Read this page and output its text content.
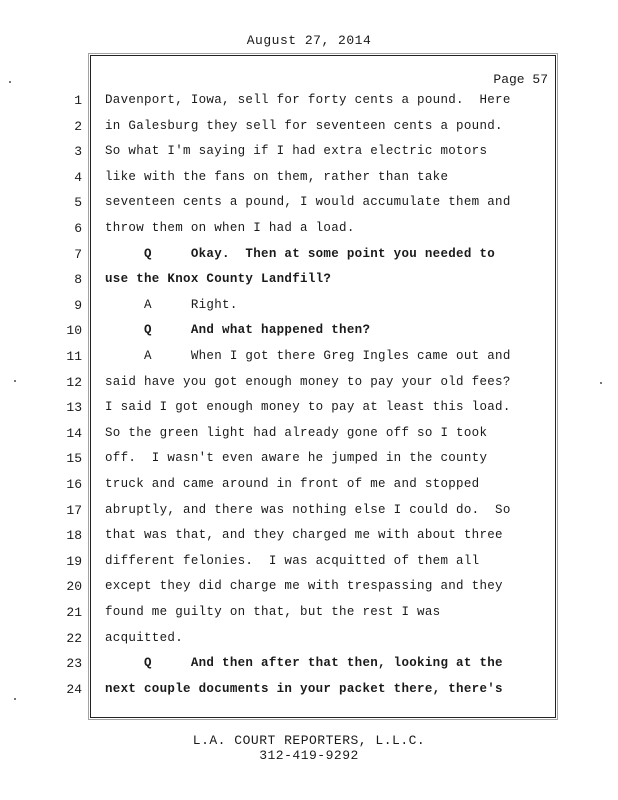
August 27, 2014
Page 57
1 Davenport, Iowa, sell for forty cents a pound.  Here
2 in Galesburg they sell for seventeen cents a pound.
3 So what I'm saying if I had extra electric motors
4 like with the fans on them, rather than take
5 seventeen cents a pound, I would accumulate them and
6 throw them on when I had a load.
7 Q     Okay.  Then at some point you needed to
8 use the Knox County Landfill?
9 A     Right.
10 Q     And what happened then?
11 A     When I got there Greg Ingles came out and
12 said have you got enough money to pay your old fees?
13 I said I got enough money to pay at least this load.
14 So the green light had already gone off so I took
15 off.  I wasn't even aware he jumped in the county
16 truck and came around in front of me and stopped
17 abruptly, and there was nothing else I could do.  So
18 that was that, and they charged me with about three
19 different felonies.  I was acquitted of them all
20 except they did charge me with trespassing and they
21 found me guilty on that, but the rest I was
22 acquitted.
23 Q     And then after that then, looking at the
24 next couple documents in your packet there, there's
L.A. COURT REPORTERS, L.L.C.
312-419-9292
